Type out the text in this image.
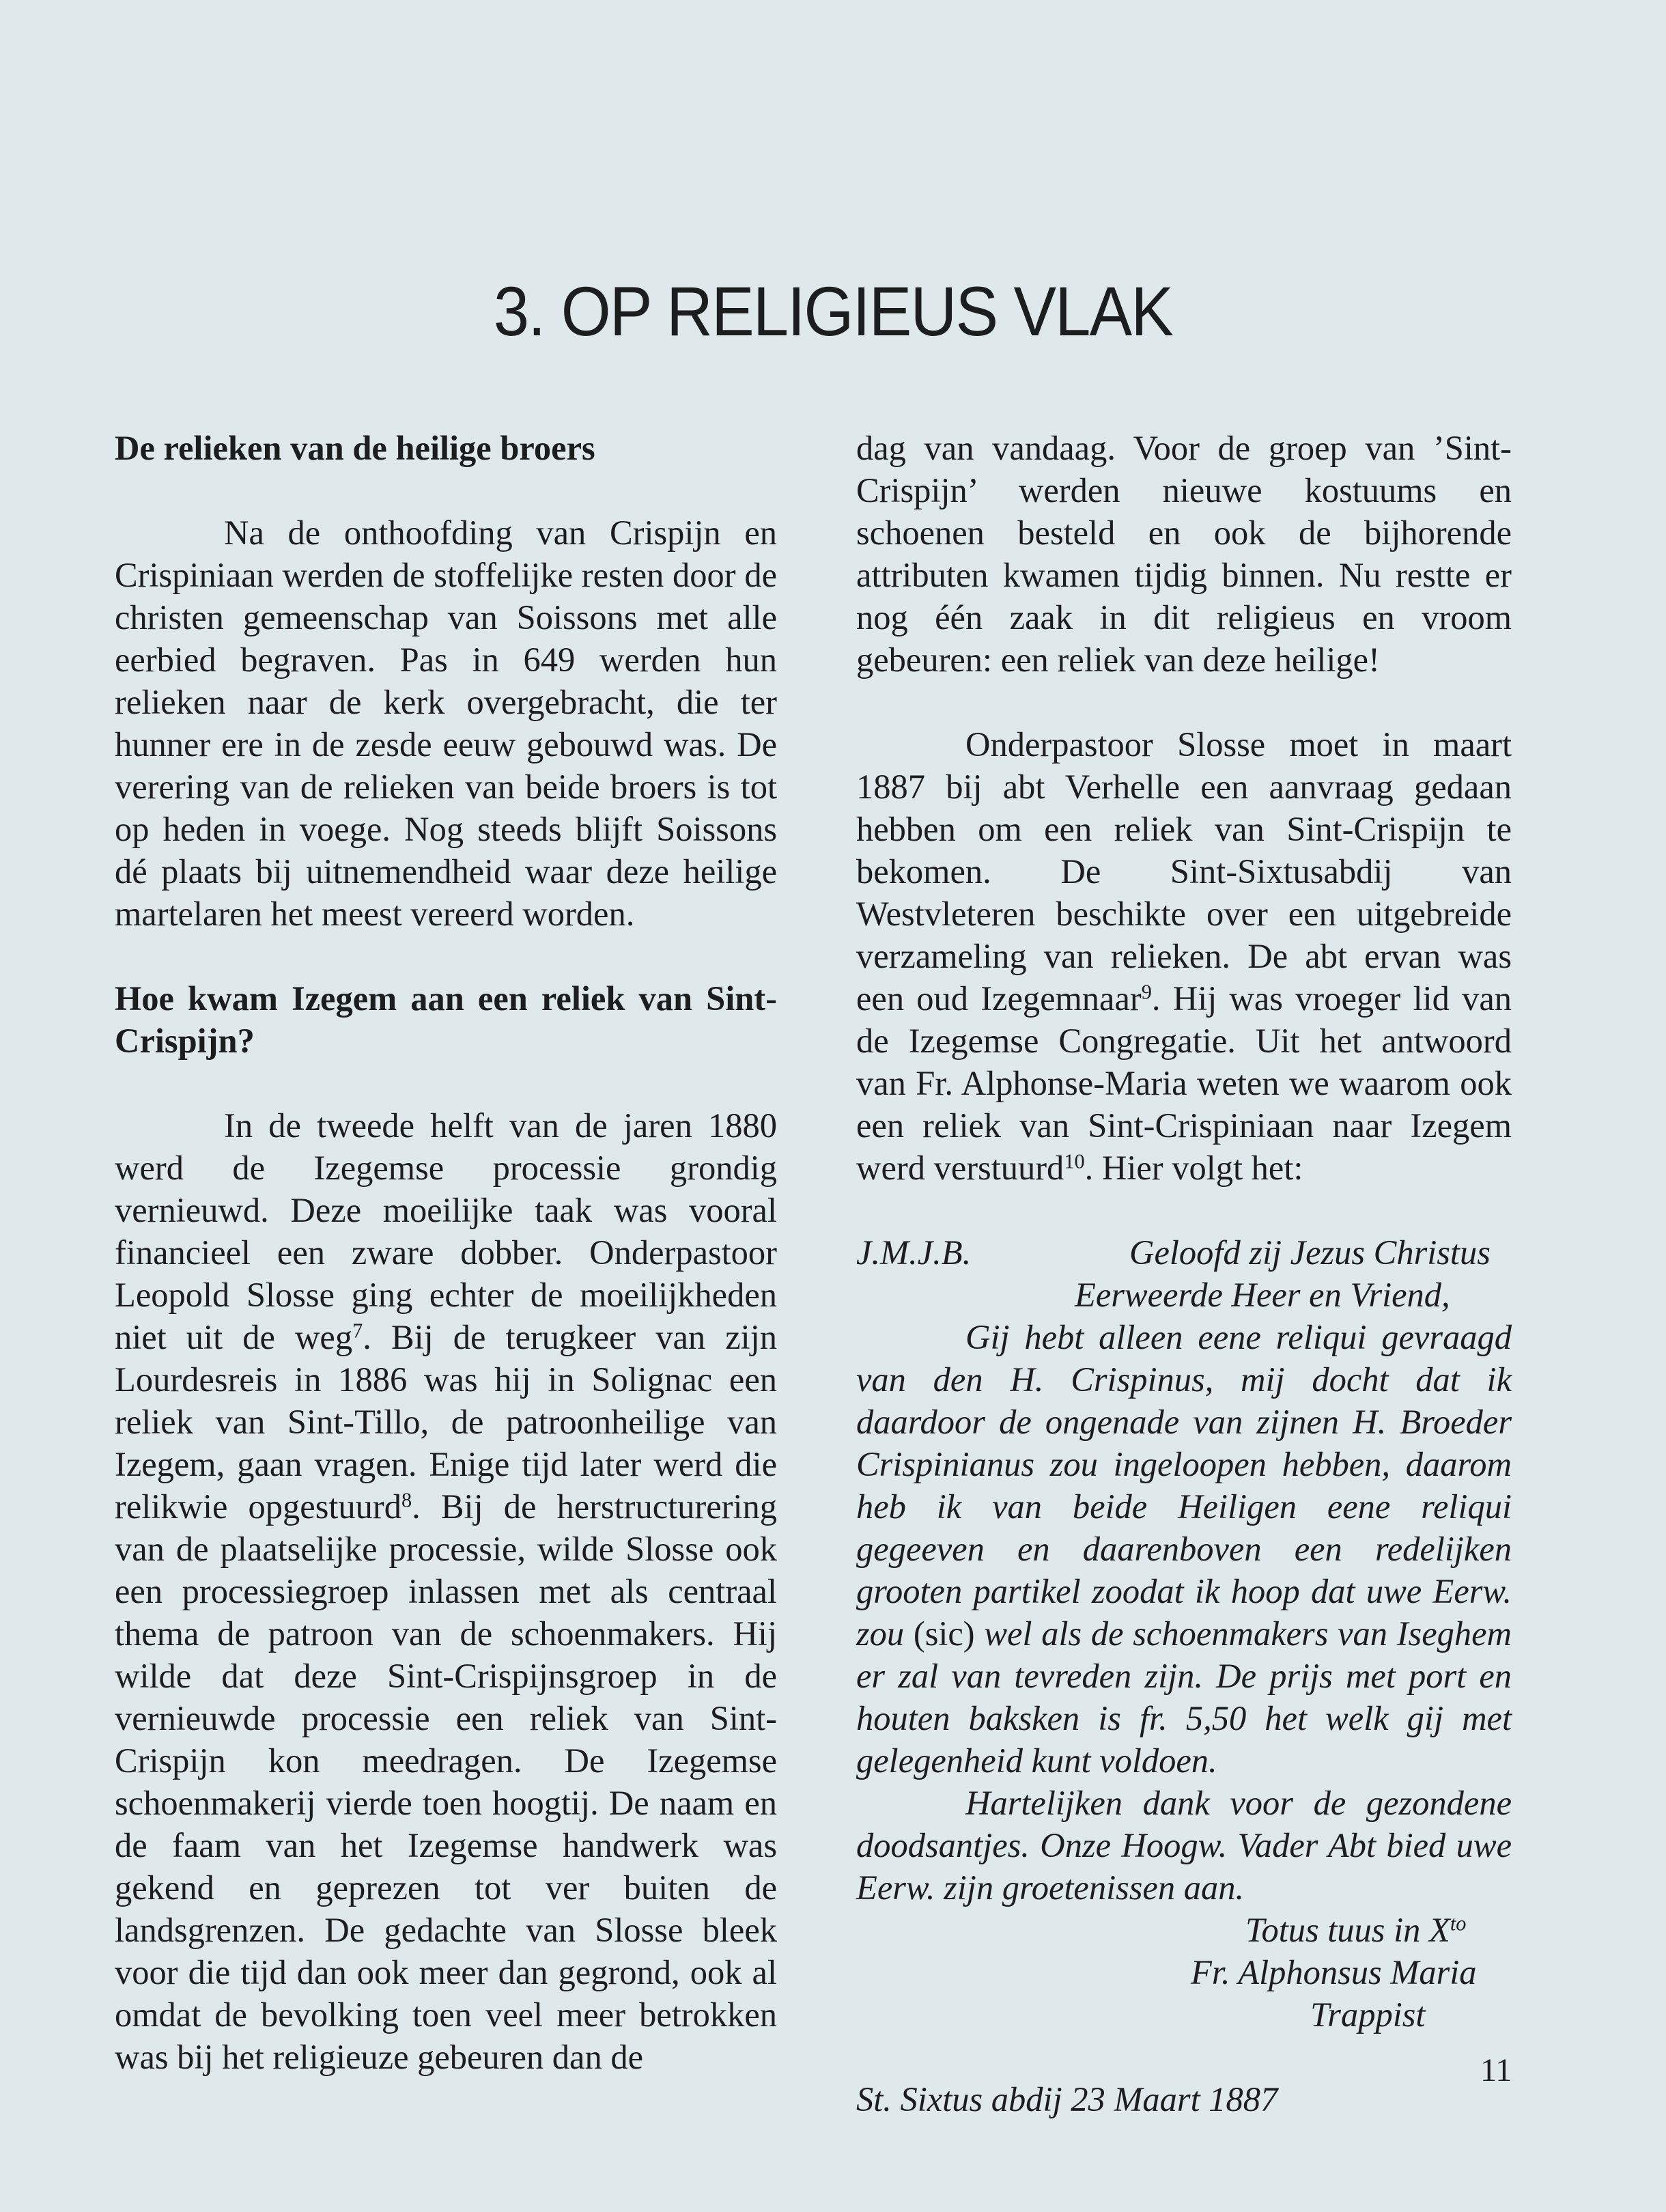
3. OP RELIGIEUS VLAK

De relieken van de heilige broers

Na de onthoofding van Crispijn en Crispiniaan werden de stoffelijke resten door de christen gemeenschap van Soissons met alle eerbied begraven. Pas in 649 werden hun relieken naar de kerk overgebracht, die ter hunner ere in de zesde eeuw gebouwd was. De verering van de relieken van beide broers is tot op heden in voege. Nog steeds blijft Soissons dé plaats bij uitnemendheid waar deze heilige martelaren het meest vereerd worden.

Hoe kwam Izegem aan een reliek van Sint-Crispijn?

In de tweede helft van de jaren 1880 werd de Izegemse processie grondig vernieuwd. Deze moeilijke taak was vooral financieel een zware dobber. Onderpastoor Leopold Slosse ging echter de moeilijkheden niet uit de weg$^7$. Bij de terugkeer van zijn Lourdesreis in 1886 was hij in Solignac een reliek van Sint-Tillo, de patroonheilige van Izegem, gaan vragen. Enige tijd later werd die relikwie opgestuurd$^8$. Bij de herstructurering van de plaatselijke processie, wilde Slosse ook een processiegroep inlassen met als centraal thema de patroon van de schoenmakers. Hij wilde dat deze Sint-Crispijnsgroep in de vernieuwde processie een reliek van Sint-Crispijn kon meedragen. De Izegemse schoenmakerij vierde toen hoogtij. De naam en de faam van het Izegemse handwerk was gekend en geprezen tot ver buiten de landsgrenzen. De gedachte van Slosse bleek voor die tijd dan ook meer dan gegrond, ook al omdat de bevolking toen veel meer betrokken was bij het religieuze gebeuren dan de

dag van vandaag. Voor de groep van ’Sint-Crispijn’ werden nieuwe kostuums en schoenen besteld en ook de bijhorende attributen kwamen tijdig binnen. Nu restte er nog één zaak in dit religieus en vroom gebeuren: een reliek van deze heilige!

Onderpastoor Slosse moet in maart 1887 bij abt Verhelle een aanvraag gedaan hebben om een reliek van Sint-Crispijn te bekomen. De Sint-Sixtusabdij van Westvleteren beschikte over een uitgebreide verzameling van relieken. De abt ervan was een oud Izegemnaar$^9$. Hij was vroeger lid van de Izegemse Congregatie. Uit het antwoord van Fr. Alphonse-Maria weten we waarom ook een reliek van Sint-Crispiniaan naar Izegem werd verstuurd$^{10}$. Hier volgt het:

J.M.J.B.	Geloofd zij Jezus Christus

Eerweerde Heer en Vriend,

Gij hebt alleen eene reliqui gevraagd van den H. Crispinus, mij docht dat ik daardoor de ongenade van zijnen H. Broeder Crispinianus zou ingeloopen hebben, daarom heb ik van beide Heiligen eene reliqui gegeeven en daarenboven een redelijken grooten partikel zoodat ik hoop dat uwe Eerw. zou (sic) wel als de schoenmakers van Iseghem er zal van tevreden zijn. De prijs met port en houten baksken is fr. 5,50 het welk gij met gelegenheid kunt voldoen.

Hartelijken dank voor de gezondene doodsantjes. Onze Hoogw. Vader Abt bied uwe Eerw. zijn groetenissen aan.

Totus tuus in $X^{to}$

Fr. Alphonsus Maria

Trappist

St. Sixtus abdij 23 Maart 1887

11
